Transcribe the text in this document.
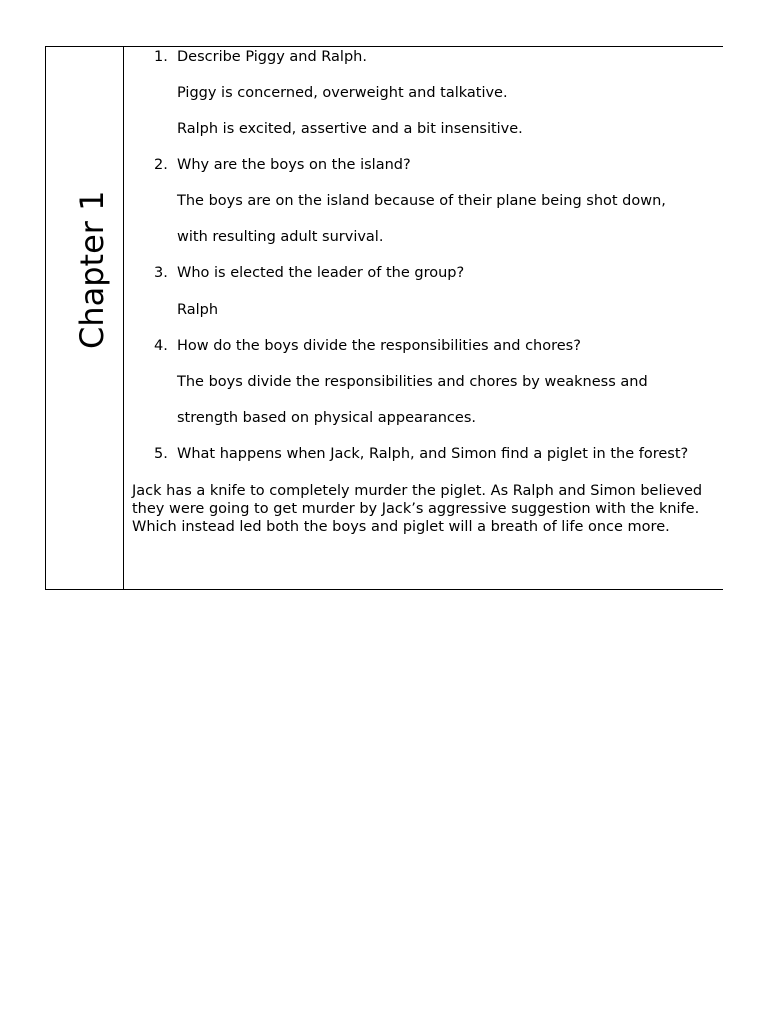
Chapter 1
1. Describe Piggy and Ralph.
Piggy is concerned, overweight and talkative.
Ralph is excited, assertive and a bit insensitive.
2. Why are the boys on the island?
The boys are on the island because of their plane being shot down,
with resulting adult survival.
3. Who is elected the leader of the group?
Ralph
4. How do the boys divide the responsibilities and chores?
The boys divide the responsibilities and chores by weakness and
strength based on physical appearances.
5. What happens when Jack, Ralph, and Simon find a piglet in the forest?
Jack has a knife to completely murder the piglet. As Ralph and Simon believed they were going to get murder by Jack’s aggressive suggestion with the knife. Which instead led both the boys and piglet will a breath of life once more.
